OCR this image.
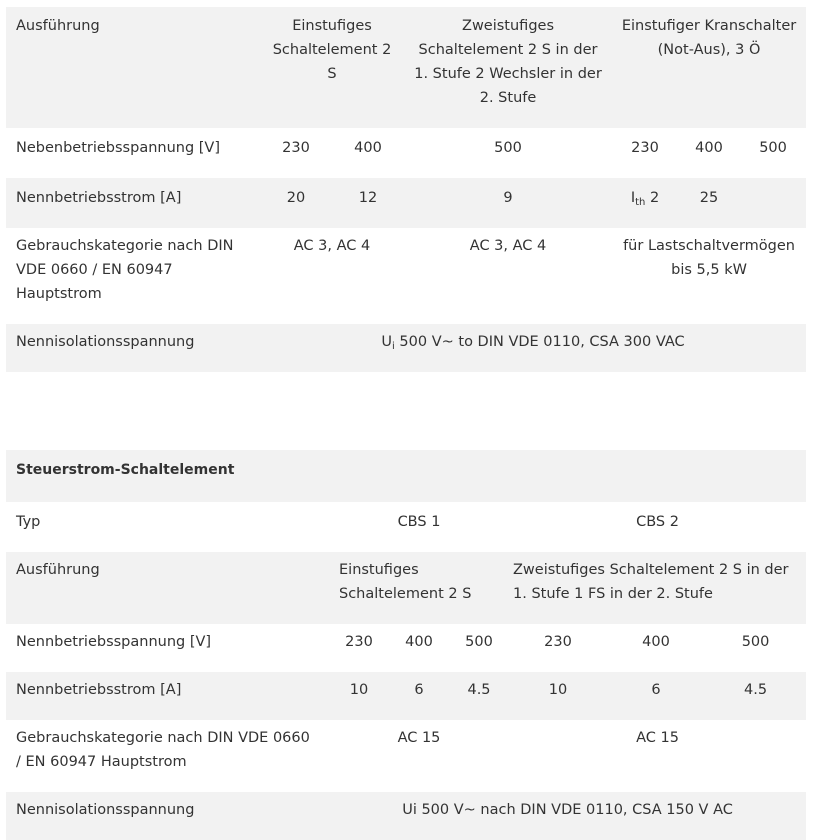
Ausführung	Einstufiges Schaltelement 2 S		Zweistufiges Schaltelement 2 S in der 1. Stufe 2 Wechsler in der 2. Stufe	Einstufiger Kranschalter (Not-Aus), 3 Ö		
Nebenbetriebsspannung [V]	230	400	500	230	400	500
Nennbetriebsstrom [A]	20	12	9	$I_{th}$ 2	25	
Gebrauchskategorie nach DIN VDE 0660 / EN 60947 Hauptstrom	AC 3, AC 4		AC 3, AC 4	für Lastschaltvermögen bis 5,5 kW		
Nennisolationsspannung	$U_i$ 500 V~ to DIN VDE 0110, CSA 300 VAC					
Steuerstrom-Schaltelement						
Typ	CBS 1			CBS 2		
Ausführung	Einstufiges Schaltelement 2 S			Zweistufiges Schaltelement 2 S in der 1. Stufe 1 FS in der 2. Stufe		
Nennbetriebsspannung [V]	230	400	500	230	400	500
Nennbetriebsstrom [A]	10	6	4.5	10	6	4.5
Gebrauchskategorie nach DIN VDE 0660 / EN 60947 Hauptstrom	AC 15			AC 15		
Nennisolationsspannung	Ui 500 V~ nach DIN VDE 0110, CSA 150 V AC					
